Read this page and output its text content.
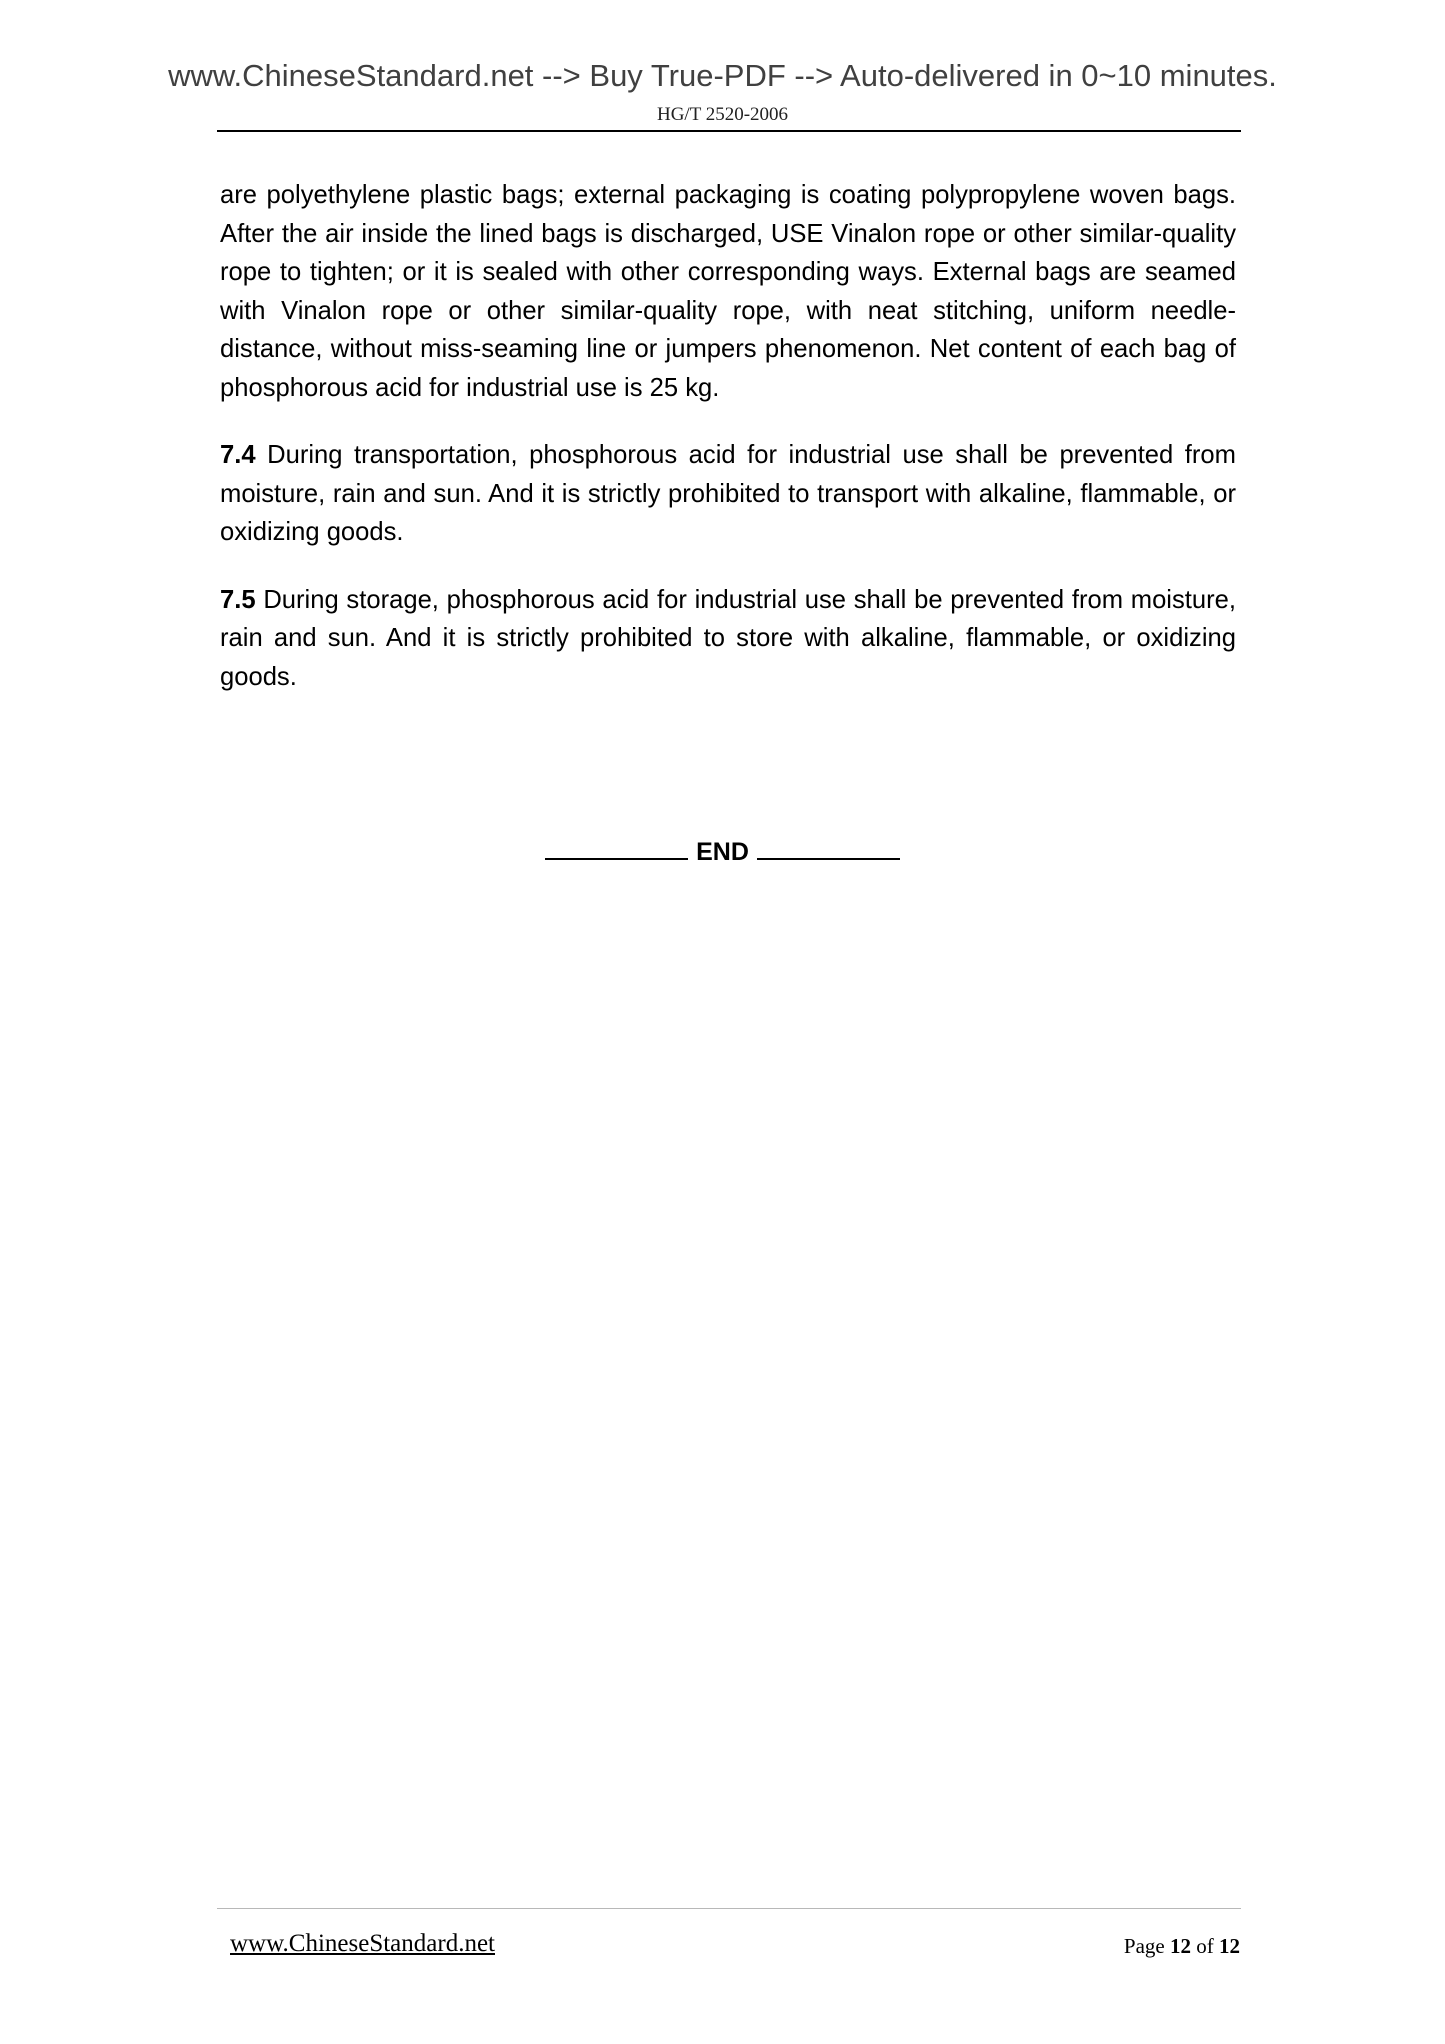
www.ChineseStandard.net --> Buy True-PDF --> Auto-delivered in 0~10 minutes.
HG/T 2520-2006

are polyethylene plastic bags; external packaging is coating polypropylene woven bags. After the air inside the lined bags is discharged, USE Vinalon rope or other similar-quality rope to tighten; or it is sealed with other corresponding ways. External bags are seamed with Vinalon rope or other similar-quality rope, with neat stitching, uniform needle-distance, without miss-seaming line or jumpers phenomenon. Net content of each bag of phosphorous acid for industrial use is 25 kg.

7.4 During transportation, phosphorous acid for industrial use shall be prevented from moisture, rain and sun. And it is strictly prohibited to transport with alkaline, flammable, or oxidizing goods.

7.5 During storage, phosphorous acid for industrial use shall be prevented from moisture, rain and sun. And it is strictly prohibited to store with alkaline, flammable, or oxidizing goods.

END
www.ChineseStandard.net	Page 12 of 12
